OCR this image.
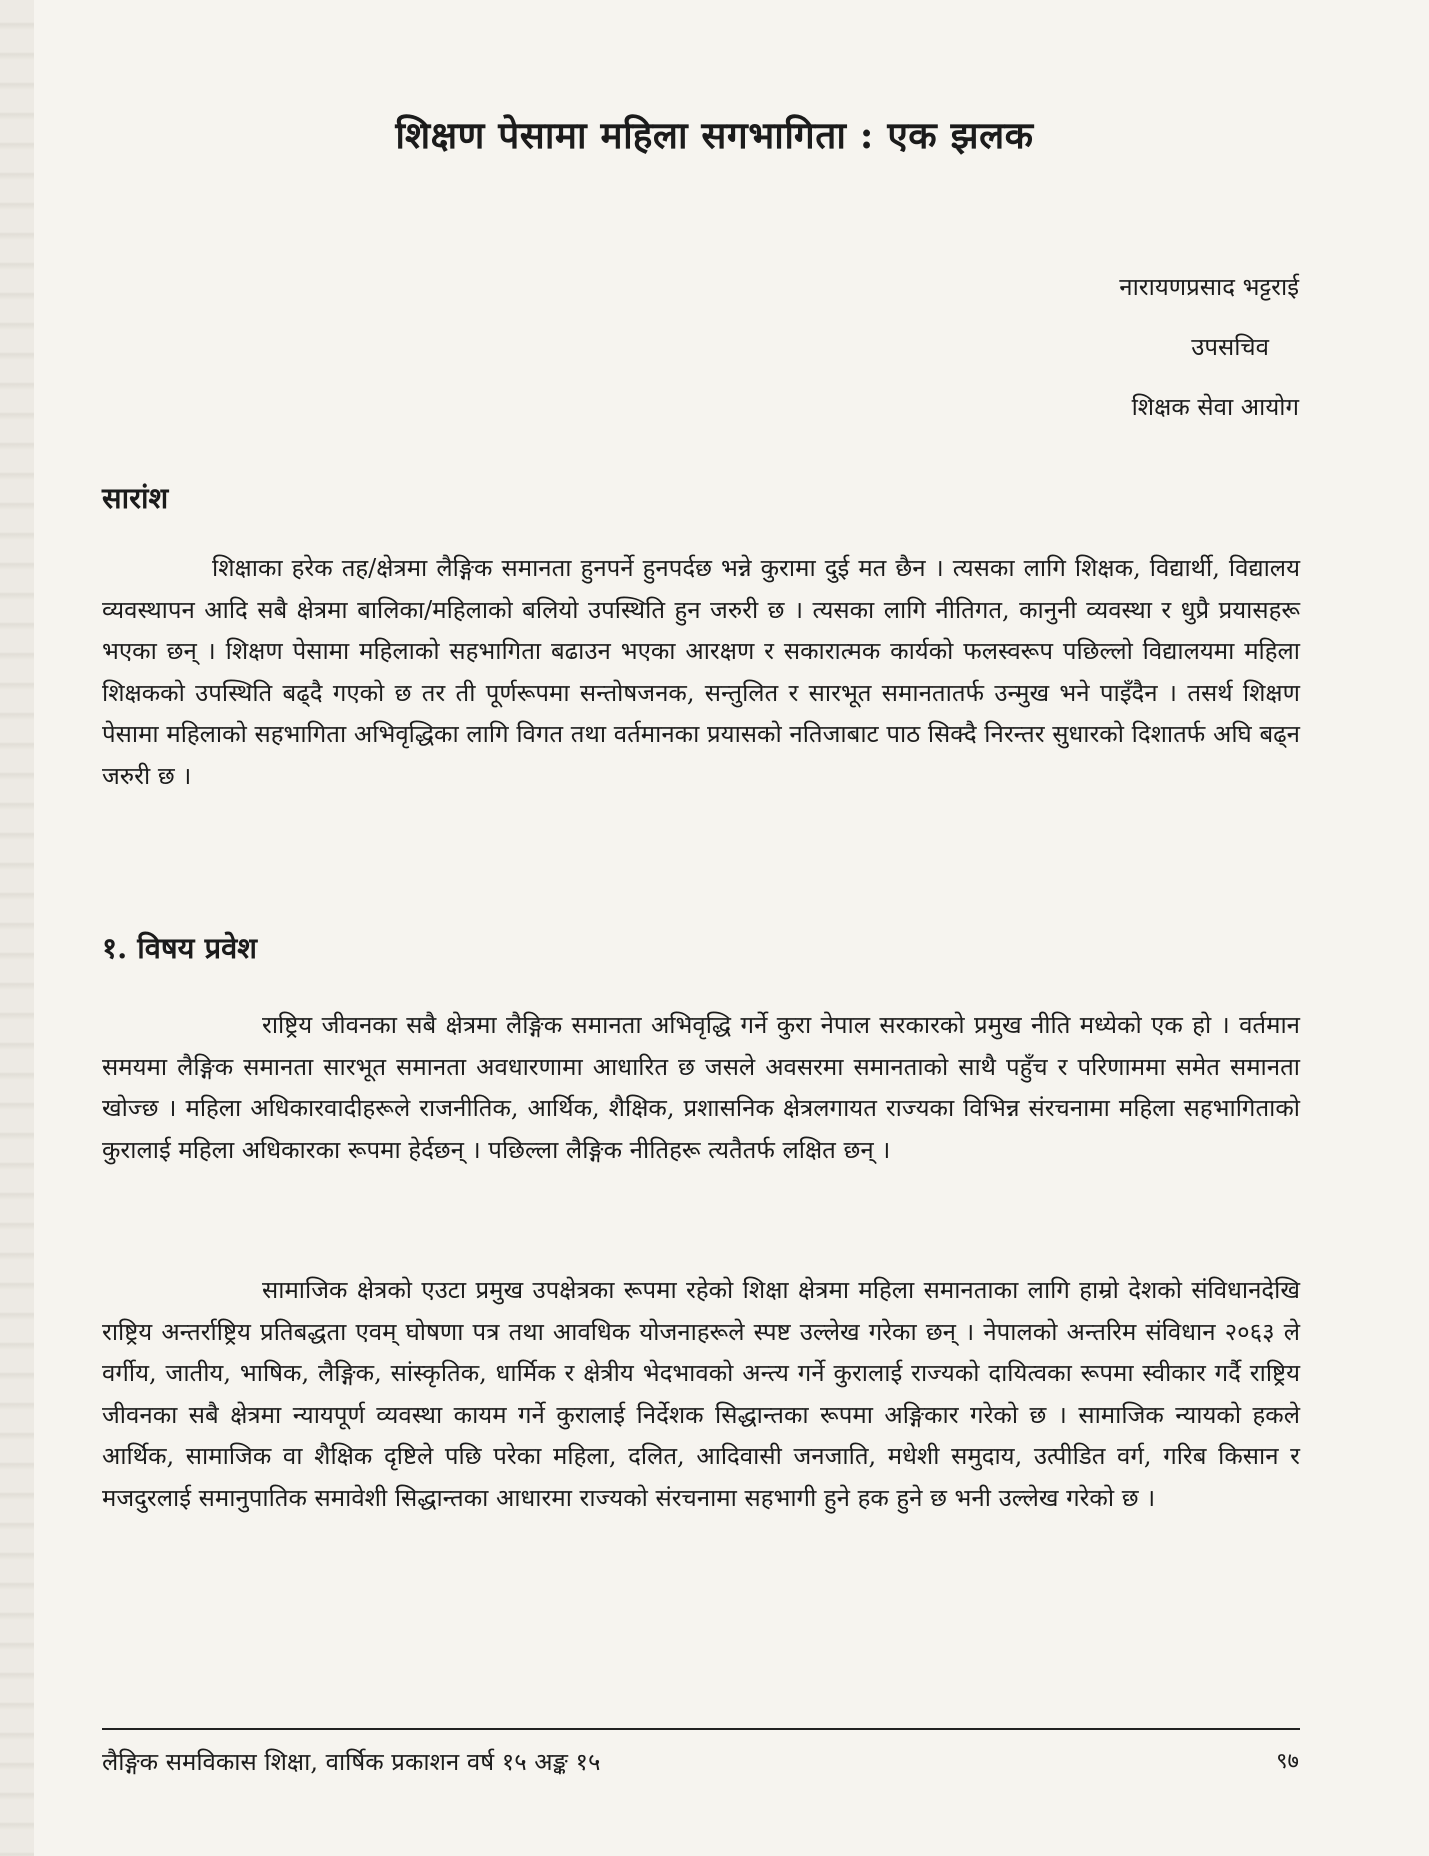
शिक्षण पेसामा महिला सगभागिता : एक झलक
नारायणप्रसाद भट्टराई
उपसचिव
शिक्षक सेवा आयोग
सारांश
शिक्षाका हरेक तह/क्षेत्रमा लैङ्गिक समानता हुनपर्ने हुनपर्दछ भन्ने कुरामा दुई मत छैन । त्यसका लागि शिक्षक, विद्यार्थी, विद्यालय व्यवस्थापन आदि सबै क्षेत्रमा बालिका/महिलाको बलियो उपस्थिति हुन जरुरी छ । त्यसका लागि नीतिगत, कानुनी व्यवस्था र धुप्रै प्रयासहरू भएका छन् । शिक्षण पेसामा महिलाको सहभागिता बढाउन भएका आरक्षण र सकारात्मक कार्यको फलस्वरूप पछिल्लो विद्यालयमा महिला शिक्षकको उपस्थिति बढ्दै गएको छ तर ती पूर्णरूपमा सन्तोषजनक, सन्तुलित र सारभूत समानतातर्फ उन्मुख भने पाइँदैन । तसर्थ शिक्षण पेसामा महिलाको सहभागिता अभिवृद्धिका लागि विगत तथा वर्तमानका प्रयासको नतिजाबाट पाठ सिक्दै निरन्तर सुधारको दिशातर्फ अघि बढ्न जरुरी छ ।
१. विषय प्रवेश
राष्ट्रिय जीवनका सबै क्षेत्रमा लैङ्गिक समानता अभिवृद्धि गर्ने कुरा नेपाल सरकारको प्रमुख नीति मध्येको एक हो । वर्तमान समयमा लैङ्गिक समानता सारभूत समानता अवधारणामा आधारित छ जसले अवसरमा समानताको साथै पहुँच र परिणाममा समेत समानता खोज्छ । महिला अधिकारवादीहरूले राजनीतिक, आर्थिक, शैक्षिक, प्रशासनिक क्षेत्रलगायत राज्यका विभिन्न संरचनामा महिला सहभागिताको कुरालाई महिला अधिकारका रूपमा हेर्दछन् । पछिल्ला लैङ्गिक नीतिहरू त्यतैतर्फ लक्षित छन् ।
सामाजिक क्षेत्रको एउटा प्रमुख उपक्षेत्रका रूपमा रहेको शिक्षा क्षेत्रमा महिला समानताका लागि हाम्रो देशको संविधानदेखि राष्ट्रिय अन्तर्राष्ट्रिय प्रतिबद्धता एवम् घोषणा पत्र तथा आवधिक योजनाहरूले स्पष्ट उल्लेख गरेका छन् । नेपालको अन्तरिम संविधान २०६३ ले वर्गीय, जातीय, भाषिक, लैङ्गिक, सांस्कृतिक, धार्मिक र क्षेत्रीय भेदभावको अन्त्य गर्ने कुरालाई राज्यको दायित्वका रूपमा स्वीकार गर्दै राष्ट्रिय जीवनका सबै क्षेत्रमा न्यायपूर्ण व्यवस्था कायम गर्ने कुरालाई निर्देशक सिद्धान्तका रूपमा अङ्गिकार गरेको छ । सामाजिक न्यायको हकले आर्थिक, सामाजिक वा शैक्षिक दृष्टिले पछि परेका महिला, दलित, आदिवासी जनजाति, मधेशी समुदाय, उत्पीडित वर्ग, गरिब किसान र मजदुरलाई समानुपातिक समावेशी सिद्धान्तका आधारमा राज्यको संरचनामा सहभागी हुने हक हुने छ भनी उल्लेख गरेको छ ।
लैङ्गिक समविकास शिक्षा, वार्षिक प्रकाशन वर्ष १५ अङ्क १५	९७
